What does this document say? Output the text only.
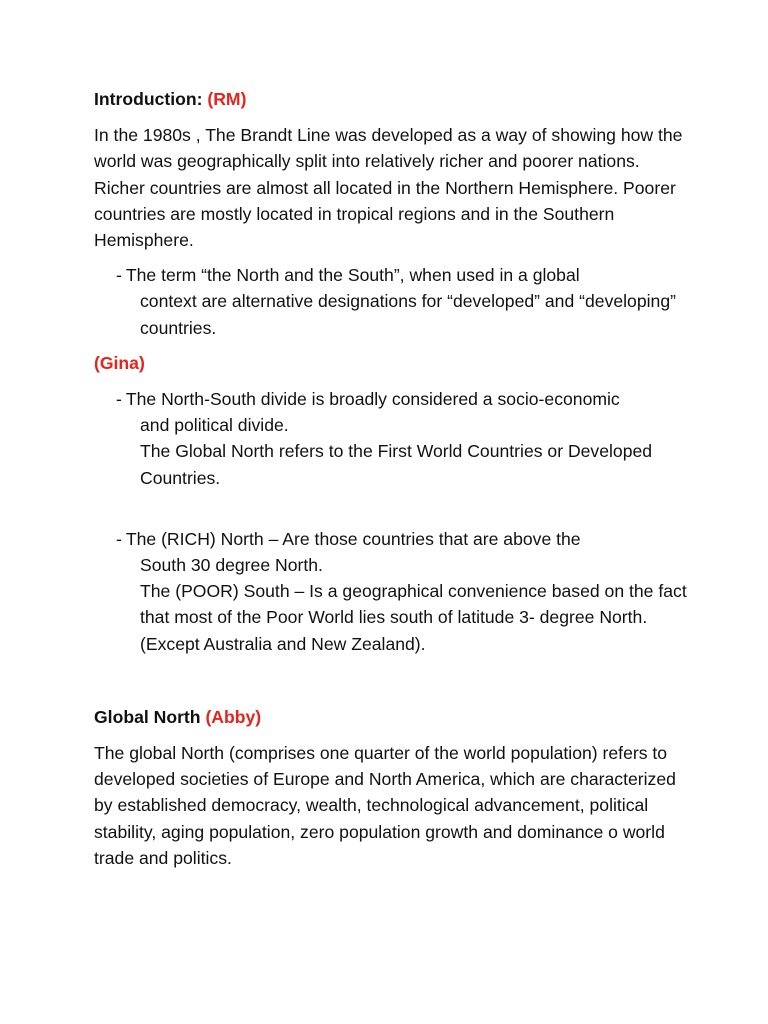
Introduction: (RM)
In the 1980s , The Brandt Line was developed as a way of showing how the world was geographically split into relatively richer and poorer nations. Richer countries are almost all located in the Northern Hemisphere. Poorer countries are mostly located in tropical regions and in the Southern Hemisphere.
- The term “the North and the South”, when used in a global
context are alternative designations for “developed” and “developing” countries.
(Gina)
- The North-South divide is broadly considered a socio-economic
and political divide.
The Global North refers to the First World Countries or Developed Countries.
- The (RICH) North – Are those countries that are above the
South 30 degree North.
The (POOR) South – Is a geographical convenience based on the fact that most of the Poor World lies south of latitude 3- degree North. (Except Australia and New Zealand).
Global North (Abby)
The global North (comprises one quarter of the world population) refers to developed societies of Europe and North America, which are characterized by established democracy, wealth, technological advancement, political stability, aging population, zero population growth and dominance o world trade and politics.
